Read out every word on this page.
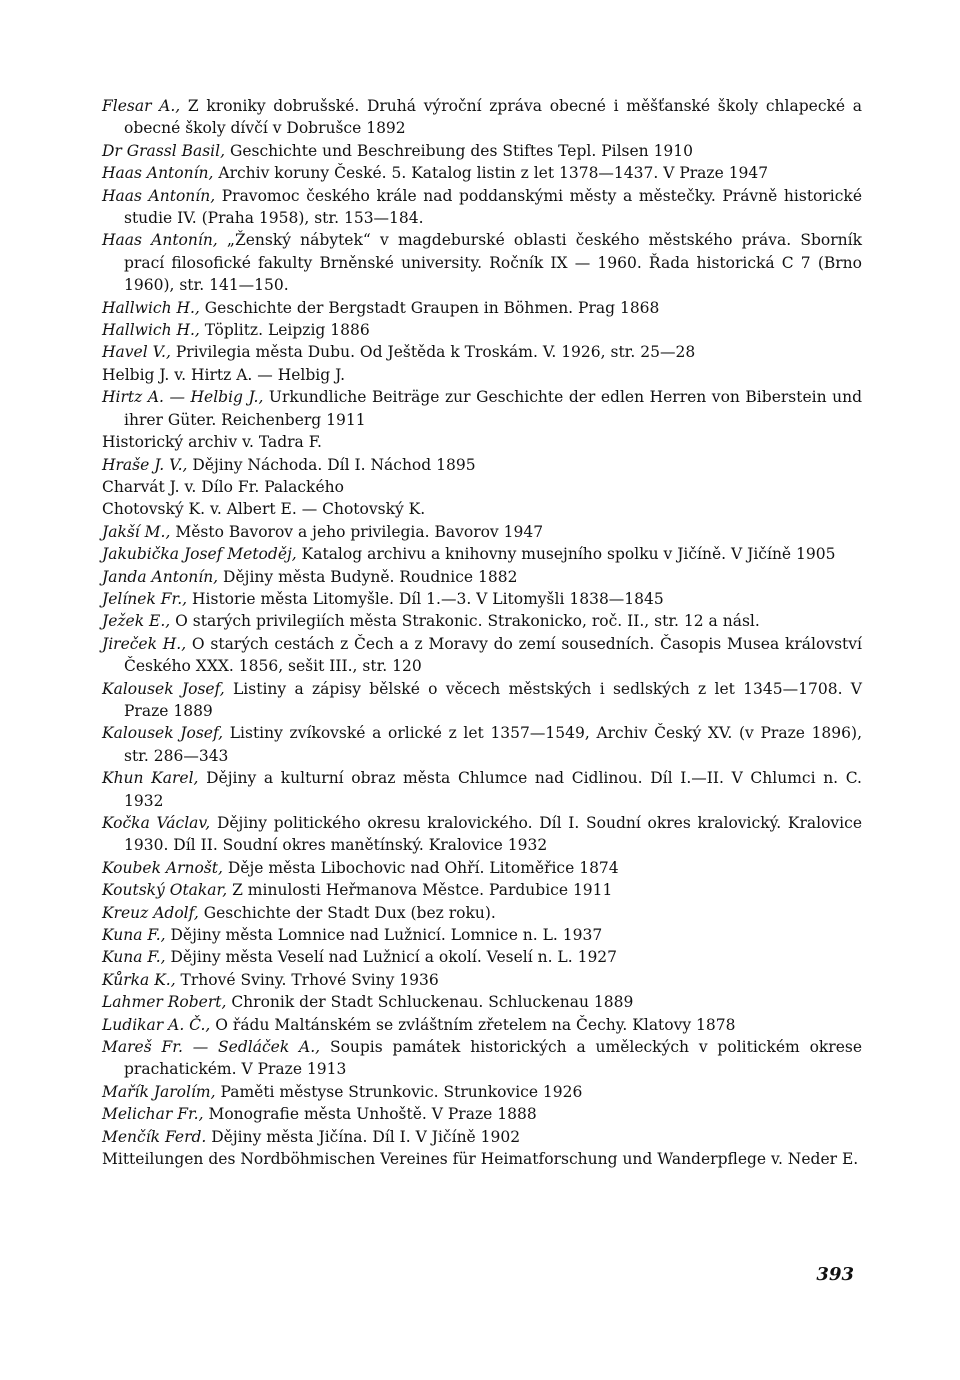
Flesar A., Z kroniky dobrušské. Druhá výroční zpráva obecné i měšťanské školy chlapecké a obecné školy dívčí v Dobrušce 1892

Dr Grassl Basil, Geschichte und Beschreibung des Stiftes Tepl. Pilsen 1910

Haas Antonín, Archiv koruny České. 5. Katalog listin z let 1378—1437. V Praze 1947

Haas Antonín, Pravomoc českého krále nad poddanskými městy a městečky. Právně historické studie IV. (Praha 1958), str. 153—184.

Haas Antonín, „Ženský nábytek“ v magdeburské oblasti českého městského práva. Sborník prací filosofické fakulty Brněnské university. Ročník IX — 1960. Řada historická C 7 (Brno 1960), str. 141—150.

Hallwich H., Geschichte der Bergstadt Graupen in Böhmen. Prag 1868

Hallwich H., Töplitz. Leipzig 1886

Havel V., Privilegia města Dubu. Od Ještěda k Troskám. V. 1926, str. 25—28

Helbig J. v. Hirtz A. — Helbig J.

Hirtz A. — Helbig J., Urkundliche Beiträge zur Geschichte der edlen Herren von Biberstein und ihrer Güter. Reichenberg 1911

Historický archiv v. Tadra F.

Hraše J. V., Dějiny Náchoda. Díl I. Náchod 1895

Charvát J. v. Dílo Fr. Palackého

Chotovský K. v. Albert E. — Chotovský K.

Jakší M., Město Bavorov a jeho privilegia. Bavorov 1947

Jakubička Josef Metoděj, Katalog archivu a knihovny musejního spolku v Jičíně. V Jičíně 1905

Janda Antonín, Dějiny města Budyně. Roudnice 1882

Jelínek Fr., Historie města Litomyšle. Díl 1.—3. V Litomyšli 1838—1845

Ježek E., O starých privilegiích města Strakonic. Strakonicko, roč. II., str. 12 a násl.

Jireček H., O starých cestách z Čech a z Moravy do zemí sousedních. Časopis Musea království Českého XXX. 1856, sešit III., str. 120

Kalousek Josef, Listiny a zápisy bělské o věcech městských i sedlských z let 1345—1708. V Praze 1889

Kalousek Josef, Listiny zvíkovské a orlické z let 1357—1549, Archiv Český XV. (v Praze 1896), str. 286—343

Khun Karel, Dějiny a kulturní obraz města Chlumce nad Cidlinou. Díl I.—II. V Chlumci n. C. 1932

Kočka Václav, Dějiny politického okresu kralovického. Díl I. Soudní okres kralovický. Kralovice 1930. Díl II. Soudní okres manětínský. Kralovice 1932

Koubek Arnošt, Děje města Libochovic nad Ohří. Litoměřice 1874

Koutský Otakar, Z minulosti Heřmanova Městce. Pardubice 1911

Kreuz Adolf, Geschichte der Stadt Dux (bez roku).

Kuna F., Dějiny města Lomnice nad Lužnicí. Lomnice n. L. 1937

Kuna F., Dějiny města Veselí nad Lužnicí a okolí. Veselí n. L. 1927

Kůrka K., Trhové Sviny. Trhové Sviny 1936

Lahmer Robert, Chronik der Stadt Schluckenau. Schluckenau 1889

Ludikar A. Č., O řádu Maltánském se zvláštním zřetelem na Čechy. Klatovy 1878

Mareš Fr. — Sedláček A., Soupis památek historických a uměleckých v politickém okrese prachatickém. V Praze 1913

Mařík Jarolím, Paměti městyse Strunkovic. Strunkovice 1926

Melichar Fr., Monografie města Unhoště. V Praze 1888

Menčík Ferd. Dějiny města Jičína. Díl I. V Jičíně 1902

Mitteilungen des Nordböhmischen Vereines für Heimatforschung und Wanderpflege v. Neder E.

393
